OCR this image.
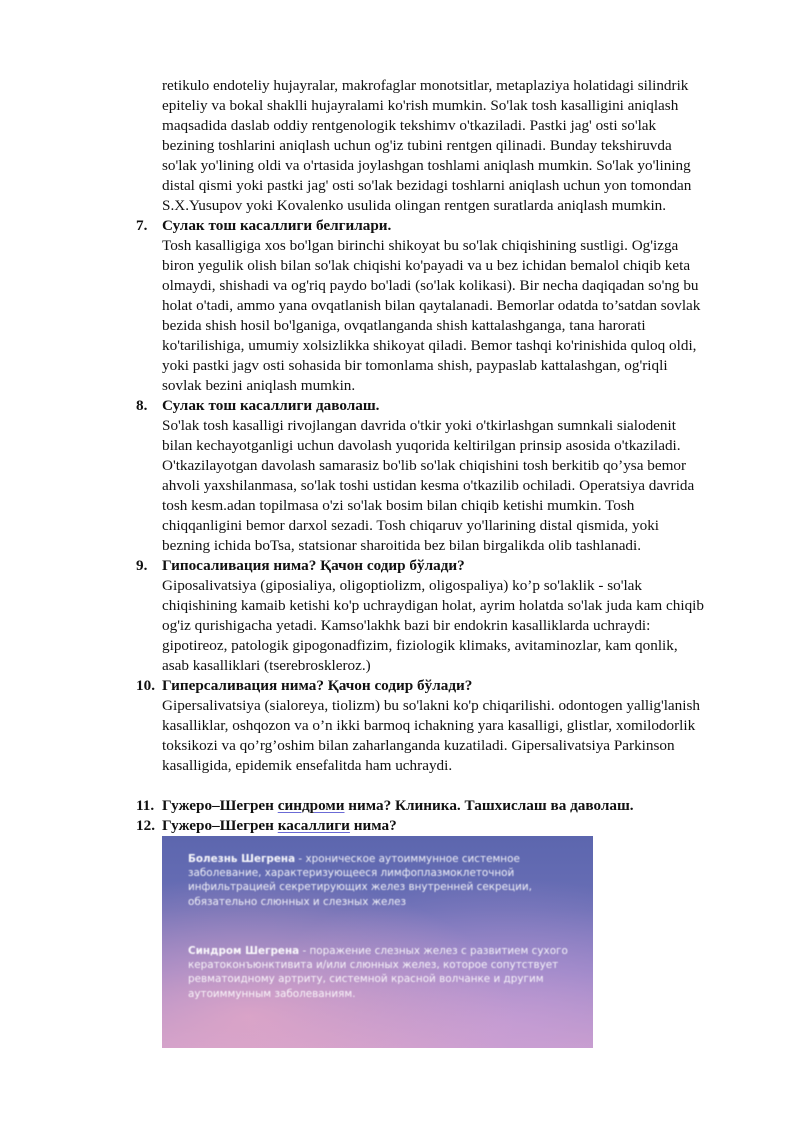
retikulo endoteliy hujayralar, makrofaglar monotsitlar, metaplaziya holatidagi silindrik

epiteliy va bokal shaklli hujayralami ko'rish mumkin. So'lak tosh kasalligini aniqlash

maqsadida daslab oddiy rentgenologik tekshimv o'tkaziladi. Pastki jag' osti so'lak

bezining toshlarini aniqlash uchun og'iz tubini rentgen qilinadi. Bunday tekshiruvda

so'lak yo'lining oldi va o'rtasida joylashgan toshlami aniqlash mumkin. So'lak yo'lining

distal qismi yoki pastki jag' osti so'lak bezidagi toshlarni aniqlash uchun yon tomondan

S.X.Yusupov yoki Kovalenko usulida olingan rentgen suratlarda aniqlash mumkin.

7. Сулак тош касаллиги белгилари.

Tosh kasalligiga xos bo'lgan birinchi shikoyat bu so'lak chiqishining sustligi. Og'izga

biron yegulik olish bilan so'lak chiqishi ko'payadi va u bez ichidan bemalol chiqib keta

olmaydi, shishadi va og'riq paydo bo'ladi (so'lak kolikasi). Bir necha daqiqadan so'ng bu

holat o'tadi, ammo yana ovqatlanish bilan qaytalanadi. Bemorlar odatda to’satdan sovlak

bezida shish hosil bo'lganiga, ovqatlanganda shish kattalashganga, tana harorati

ko'tarilishiga, umumiy xolsizlikka shikoyat qiladi. Bemor tashqi ko'rinishida quloq oldi,

yoki pastki jagv osti sohasida bir tomonlama shish, paypaslab kattalashgan, og'riqli

sovlak bezini aniqlash mumkin.

8. Сулак тош касаллиги даволаш.

So'lak tosh kasalligi rivojlangan davrida o'tkir yoki o'tkirlashgan sumnkali sialodenit

bilan kechayotganligi uchun davolash yuqorida keltirilgan prinsip asosida o'tkaziladi.

O'tkazilayotgan davolash samarasiz bo'lib so'lak chiqishini tosh berkitib qo’ysa bemor

ahvoli yaxshilanmasa, so'lak toshi ustidan kesma o'tkazilib ochiladi. Operatsiya davrida

tosh kesm.adan topilmasa o'zi so'lak bosim bilan chiqib ketishi mumkin. Tosh

chiqqanligini bemor darxol sezadi. Tosh chiqaruv yo'llarining distal qismida, yoki

bezning ichida boTsa, statsionar sharoitida bez bilan birgalikda olib tashlanadi.

9. Гипосаливация нима? Қачон содир бўлади?

Giposalivatsiya (giposialiya, oligoptiolizm, oligospaliya) ko’p so'laklik - so'lak

chiqishining kamaib ketishi ko'p uchraydigan holat, ayrim holatda so'lak juda kam chiqib

og'iz qurishigacha yetadi. Kamso'lakhk bazi bir endokrin kasalliklarda uchraydi:

gipotireoz, patologik gipogonadfizim, fiziologik klimaks, avitaminozlar, kam qonlik,

asab kasalliklari (tserebroskleroz.)

10. Гиперсаливация нима? Қачон содир бўлади?

Gipersalivatsiya (sialoreya, tiolizm) bu so'lakni ko'p chiqarilishi. odontogen yallig'lanish

kasalliklar, oshqozon va o’n ikki barmoq ichakning yara kasalligi, glistlar, xomilodorlik

toksikozi va qo’rg’oshim bilan zaharlanganda kuzatiladi. Gipersalivatsiya Parkinson

kasalligida, epidemik ensefalitda ham uchraydi.

11. Гужеро–Шегрен синдроми нима? Клиника. Ташхислаш ва даволаш.

12. Гужеро–Шегрен касаллиги нима?

Болезнь Шегрена - хроническое аутоиммунное системное заболевание, характеризующееся лимфоплазмоклеточной инфильтрацией секретирующих желез внутренней секреции, обязательно слюнных и слезных желез
Синдром Шегрена - поражение слезных желез с развитием сухого кератоконъюнктивита и/или слюнных желез, которое сопутствует ревматоидному артриту, системной красной волчанке и другим аутоиммунным заболеваниям.
